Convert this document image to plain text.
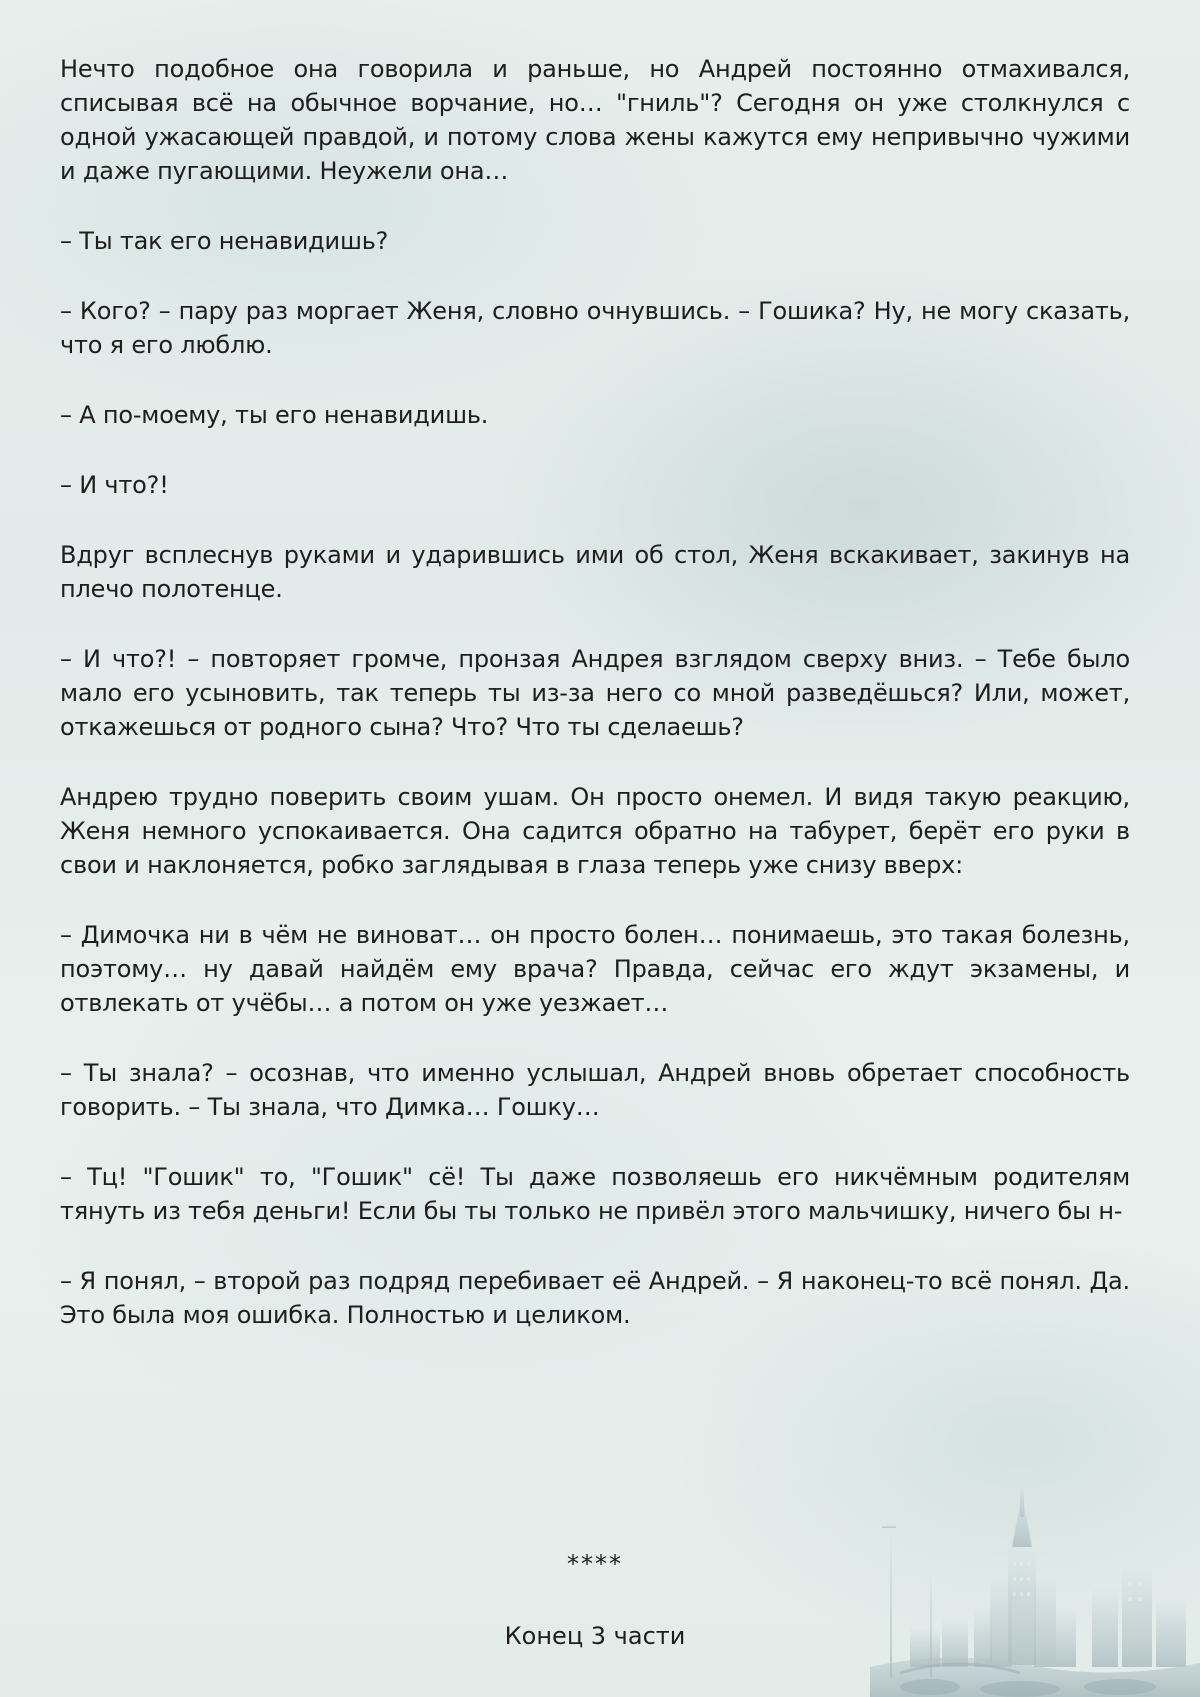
Нечто подобное она говорила и раньше, но Андрей постоянно отмахивался, списывая всё на обычное ворчание, но… "гниль"? Сегодня он уже столкнулся с одной ужасающей правдой, и потому слова жены кажутся ему непривычно чужими и даже пугающими. Неужели она…

– Ты так его ненавидишь?

– Кого? – пару раз моргает Женя, словно очнувшись. – Гошика? Ну, не могу сказать, что я его люблю.

– А по-моему, ты его ненавидишь.

– И что?!

Вдруг всплеснув руками и ударившись ими об стол, Женя вскакивает, закинув на плечо полотенце.

– И что?! – повторяет громче, пронзая Андрея взглядом сверху вниз. – Тебе было мало его усыновить, так теперь ты из-за него со мной разведёшься? Или, может, откажешься от родного сына? Что? Что ты сделаешь?

Андрею трудно поверить своим ушам. Он просто онемел. И видя такую реакцию, Женя немного успокаивается. Она садится обратно на табурет, берёт его руки в свои и наклоняется, робко заглядывая в глаза теперь уже снизу вверх:

– Димочка ни в чём не виноват… он просто болен… понимаешь, это такая болезнь, поэтому… ну давай найдём ему врача? Правда, сейчас его ждут экзамены, и отвлекать от учёбы… а потом он уже уезжает…

– Ты знала? – осознав, что именно услышал, Андрей вновь обретает способность говорить. – Ты знала, что Димка… Гошку…

– Тц! "Гошик" то, "Гошик" сё! Ты даже позволяешь его никчёмным родителям тянуть из тебя деньги! Если бы ты только не привёл этого мальчишку, ничего бы н-

– Я понял, – второй раз подряд перебивает её Андрей. – Я наконец-то всё понял. Да. Это была моя ошибка. Полностью и целиком.

****
Конец 3 части
